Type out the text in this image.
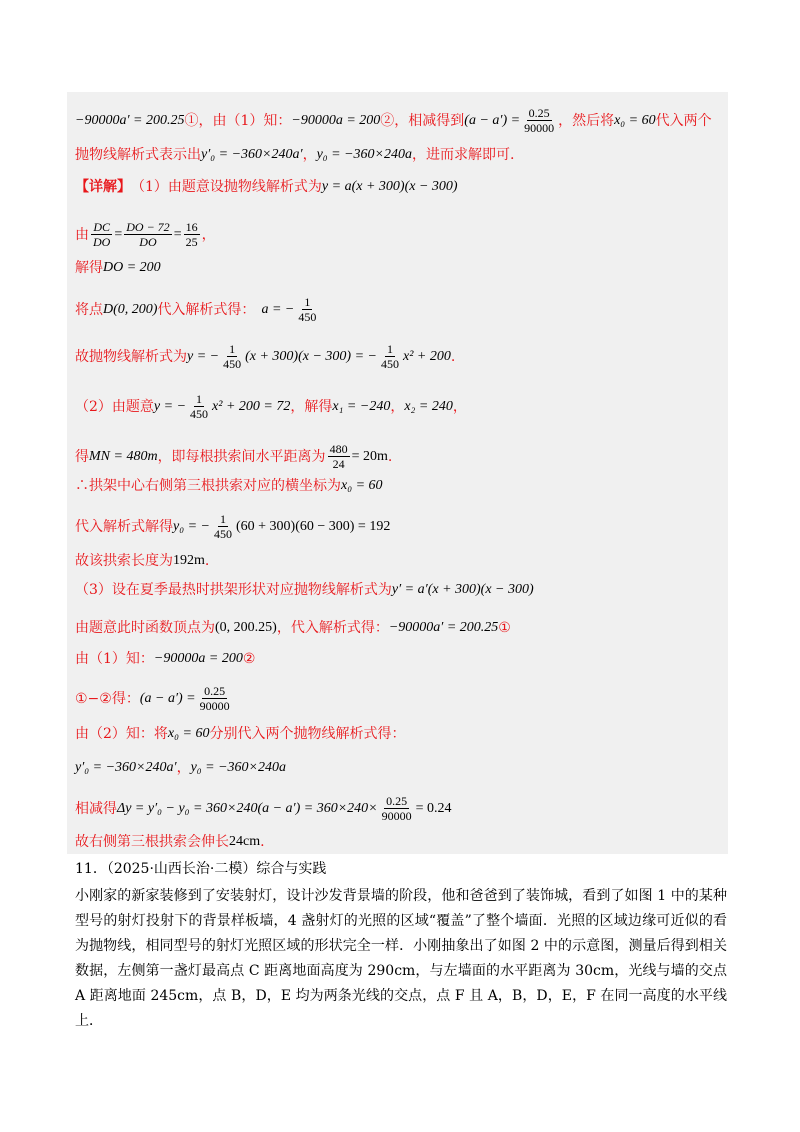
−90000a′ = 200.25 ①，由（1）知： −90000a = 200 ②，相减得到 $(a - a') = \frac{0.25}{90000}$ ，然后将 x₀ = 60 代入两个
抛物线解析式表示出 y′₀ = −360×240a′ ， y₀ = −360×240a ，进而求解即可.
【详解】 （1）由题意设抛物线解析式为 y = a(x + 300)(x − 300)
由 $\frac{DC}{DO} = \frac{DO - 72}{DO} = \frac{16}{25}$ ，
解得 DO = 200
将点 D(0, 200) 代入解析式得： a = − $\frac{1}{450}$
故抛物线解析式为 y = − $\frac{1}{450} (x + 300)(x - 300)$ = − $\frac{1}{450} x^2 + 200$ .
（2）由题意 y = − $\frac{1}{450} x^2 + 200 = 72$ ，解得 x₁ = −240 ， x₂ = 240 ，
得 MN = 480m ，即每根拱索间水平距离为 $\frac{480}{24} = 20m$ .
∴拱架中心右侧第三根拱索对应的横坐标为 x₀ = 60
代入解析式解得 y₀ = − $\frac{1}{450} (60 + 300)(60 - 300) = 192$
故该拱索长度为 192m .
（3）设在夏季最热时拱架形状对应抛物线解析式为 y′ = a′(x + 300)(x − 300)
由题意此时函数顶点为 (0, 200.25) ，代入解析式得： −90000a′ = 200.25 ①
由（1）知： −90000a = 200 ②
①−② 得： $(a - a') = \frac{0.25}{90000}$
由（2）知：将 x₀ = 60 分别代入两个抛物线解析式得：
y′₀ = −360×240a′ ， y₀ = −360×240a
相减得 $\Delta y = y'_0 - y_0 = 360\times 240(a - a') = 360\times 240\times \frac{0.25}{90000} = 0.24$
故右侧第三根拱索会伸长 24cm .
11．（2025·山西长治·二模）综合与实践
小刚家的新家装修到了安装射灯，设计沙发背景墙的阶段，他和爸爸到了装饰城，看到了如图 1 中的某种型号的射灯投射下的背景样板墙，4 盏射灯的光照的区域“覆盖”了整个墙面．光照的区域边缘可近似的看为抛物线，相同型号的射灯光照区域的形状完全一样．小刚抽象出了如图 2 中的示意图，测量后得到相关数据，左侧第一盏灯最高点 C 距离地面高度为 290cm，与左墙面的水平距离为 30cm，光线与墙的交点 A 距离地面 245cm，点 B，D，E 均为两条光线的交点，点 F 且 A，B，D，E，F 在同一高度的水平线上．
